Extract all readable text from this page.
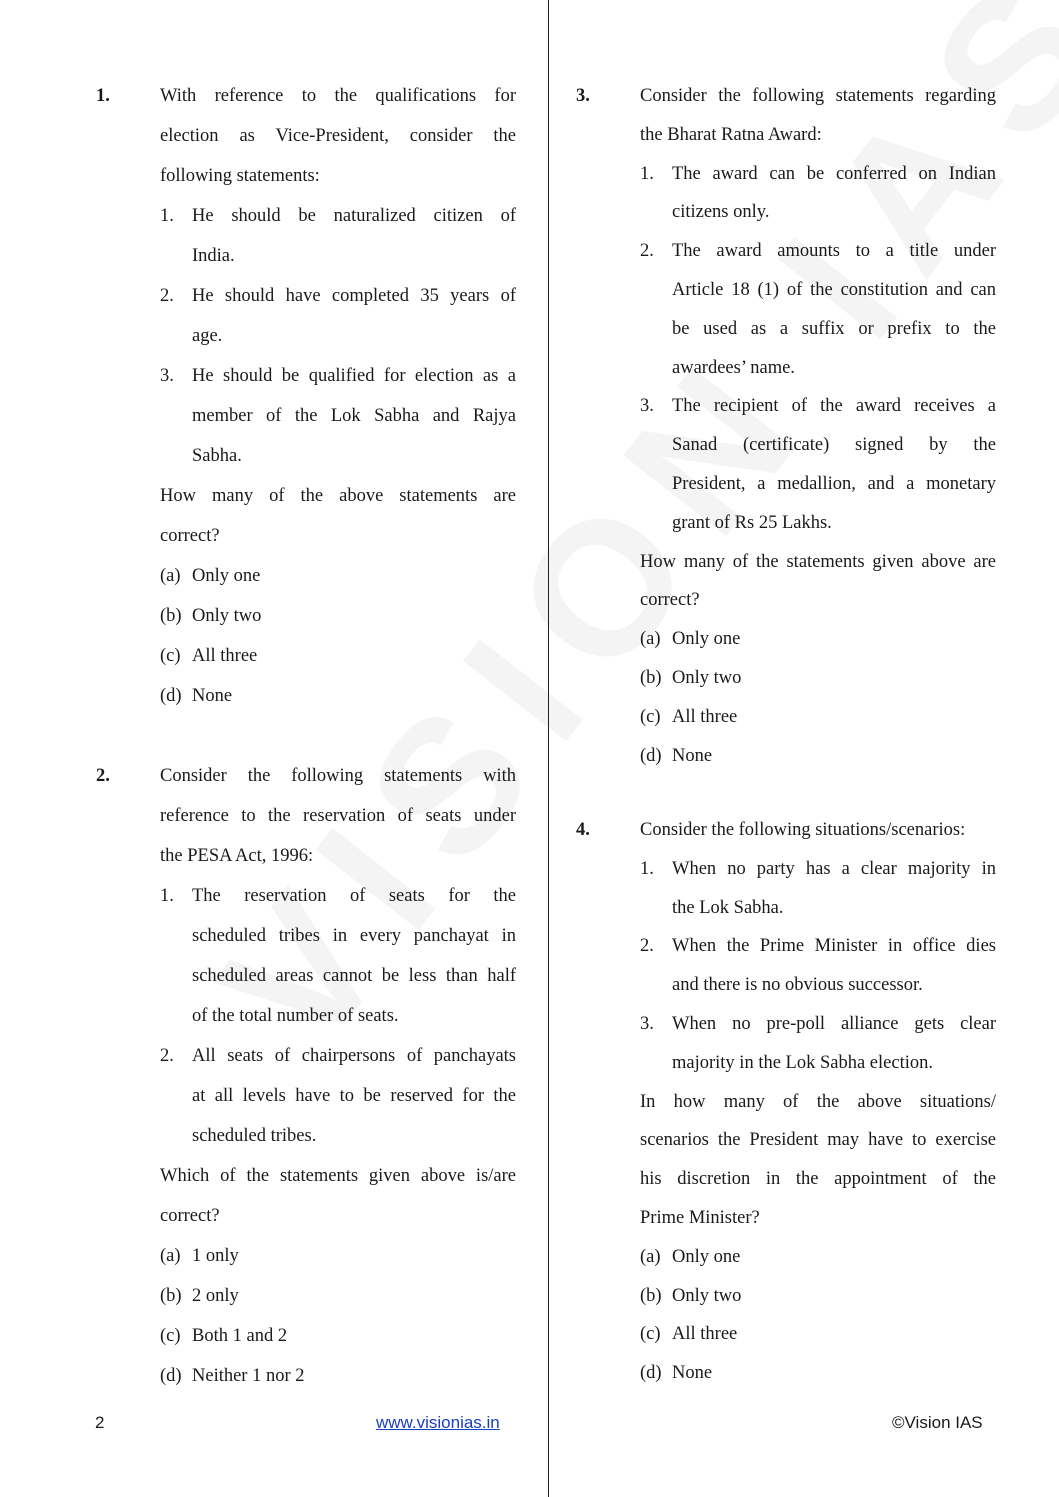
1.	With reference to the qualifications for
election as Vice-President, consider the
following statements:
1. He should be naturalized citizen of
India.
2. He should have completed 35 years of
age.
3. He should be qualified for election as a
member of the Lok Sabha and Rajya
Sabha.
How many of the above statements are
correct?
(a) Only one
(b) Only two
(c) All three
(d) None
2.	Consider the following statements with
reference to the reservation of seats under
the PESA Act, 1996:
1. The reservation of seats for the
scheduled tribes in every panchayat in
scheduled areas cannot be less than half
of the total number of seats.
2. All seats of chairpersons of panchayats
at all levels have to be reserved for the
scheduled tribes.
Which of the statements given above is/are
correct?
(a) 1 only
(b) 2 only
(c) Both 1 and 2
(d) Neither 1 nor 2
3.	Consider the following statements regarding
the Bharat Ratna Award:
1. The award can be conferred on Indian
citizens only.
2. The award amounts to a title under
Article 18 (1) of the constitution and can
be used as a suffix or prefix to the
awardees’ name.
3. The recipient of the award receives a
Sanad (certificate) signed by the
President, a medallion, and a monetary
grant of Rs 25 Lakhs.
How many of the statements given above are
correct?
(a) Only one
(b) Only two
(c) All three
(d) None
4.	Consider the following situations/scenarios:
1. When no party has a clear majority in
the Lok Sabha.
2. When the Prime Minister in office dies
and there is no obvious successor.
3. When no pre-poll alliance gets clear
majority in the Lok Sabha election.
In how many of the above situations/
scenarios the President may have to exercise
his discretion in the appointment of the
Prime Minister?
(a) Only one
(b) Only two
(c) All three
(d) None
2	www.visionias.in	©Vision IAS
